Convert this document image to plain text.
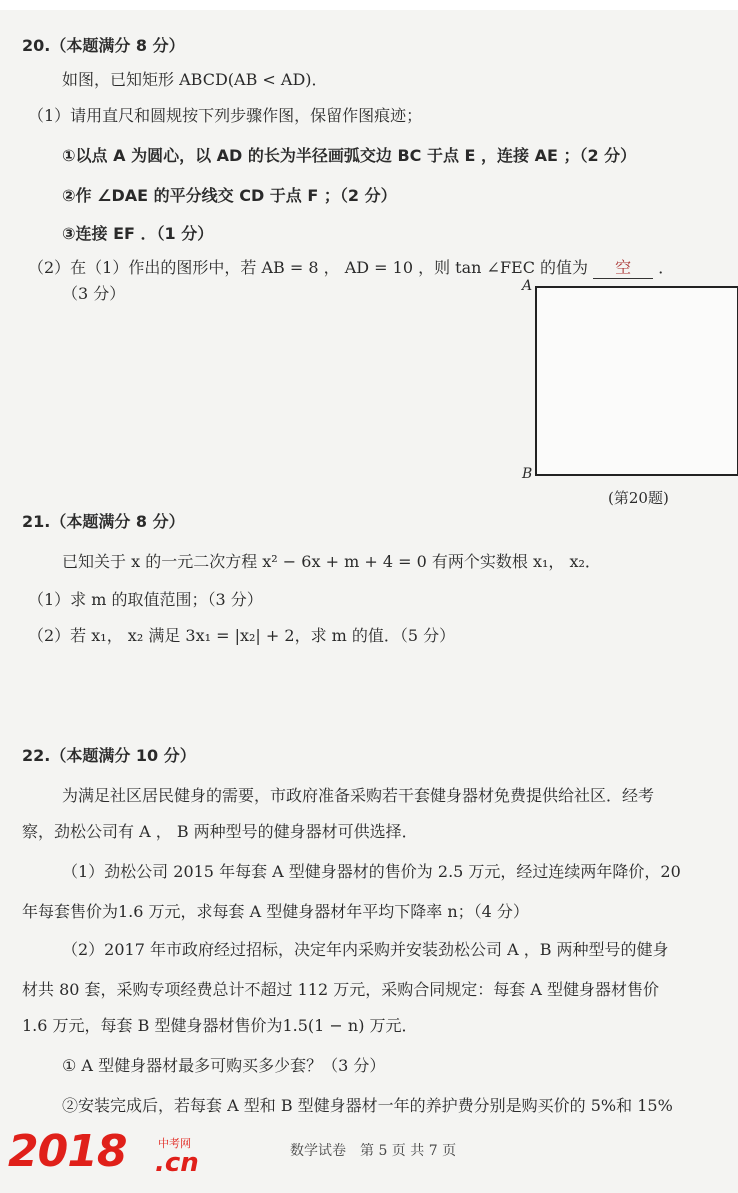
20.（本题满分 8 分）
如图，已知矩形 ABCD(AB < AD)．
（1）请用直尺和圆规按下列步骤作图，保留作图痕迹；
①以点 A 为圆心，以 AD 的长为半径画弧交边 BC 于点 E ，连接 AE ；（2 分）
②作 ∠DAE 的平分线交 CD 于点 F ；（2 分）
③连接 EF ．（1 分）
（2）在（1）作出的图形中，若 AB = 8 ， AD = 10 ，则 tan ∠FEC 的值为 空 ．
（3 分）	A
B
(第20题)
21.（本题满分 8 分）
已知关于 x 的一元二次方程 x² − 6x + m + 4 = 0 有两个实数根 x₁， x₂．
（1）求 m 的取值范围；（3 分）
（2）若 x₁， x₂ 满足 3x₁ = |x₂| + 2，求 m 的值．（5 分）
22.（本题满分 10 分）
为满足社区居民健身的需要，市政府准备采购若干套健身器材免费提供给社区．经考
察，劲松公司有 A ， B 两种型号的健身器材可供选择．
（1）劲松公司 2015 年每套 A 型健身器材的售价为 2.5 万元，经过连续两年降价，20
年每套售价为1.6 万元，求每套 A 型健身器材年平均下降率 n；（4 分）
（2）2017 年市政府经过招标，决定年内采购并安装劲松公司 A ，B 两种型号的健身
材共 80 套，采购专项经费总计不超过 112 万元，采购合同规定：每套 A 型健身器材售价
1.6 万元，每套 B 型健身器材售价为1.5(1 − n) 万元．
① A 型健身器材最多可购买多少套？（3 分）
②安装完成后，若每套 A 型和 B 型健身器材一年的养护费分别是购买价的 5%和 15%
2018	中考网
.cn	数学试卷　第 5 页 共 7 页
